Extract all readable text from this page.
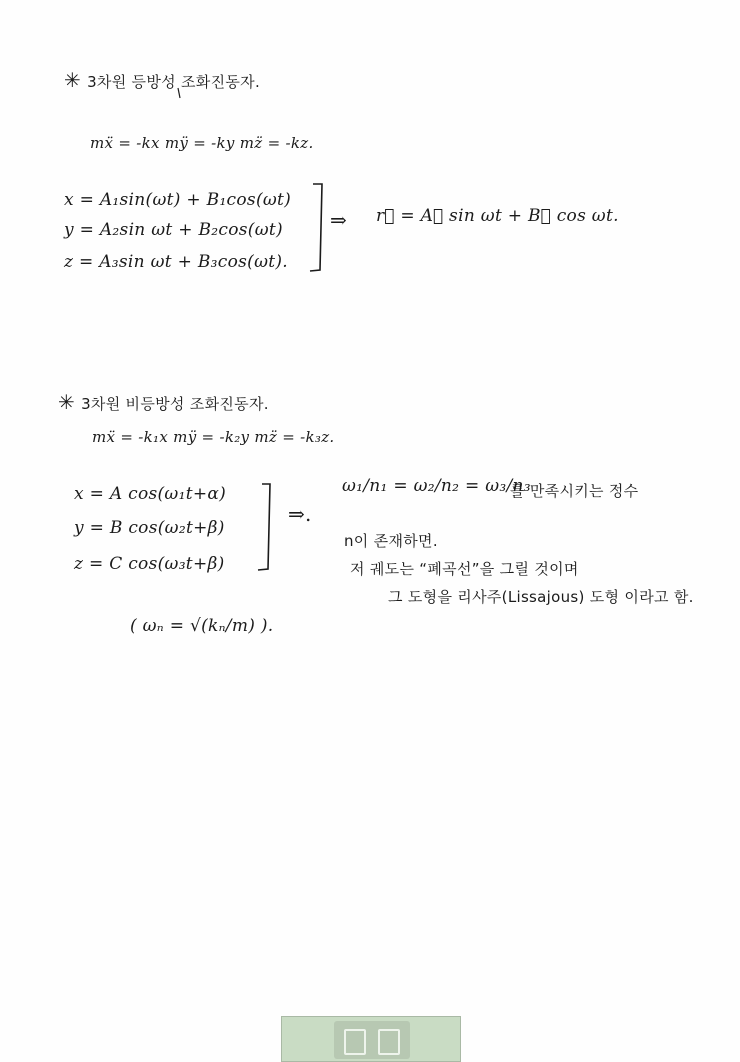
✳ 3차원 등방성 조화진동자.
mẍ = -kx mÿ = -ky mz̈ = -kz.
x = A₁sin(ωt) + B₁cos(ωt)
y = A₂sin ωt + B₂cos(ωt)
z = A₃sin ωt + B₃cos(ωt).
⇒ r⃗ = A⃗ sin ωt + B⃗ cos ωt.
✳ 3차원 비등방성 조화진동자.
mẍ = -k₁x mÿ = -k₂y mz̈ = -k₃z.
x = A cos(ω₁t+α)
y = B cos(ω₂t+β)
z = C cos(ω₃t+β)
( ωₙ = √(kₙ/m) ).
⇒.
ω₁/n₁ = ω₂/n₂ = ω₃/n₃
를 만족시키는 정수
n이 존재하면.
저 궤도는 “폐곡선”을 그릴 것이며
그 도형을 리사주(Lissajous) 도형 이라고 함.
